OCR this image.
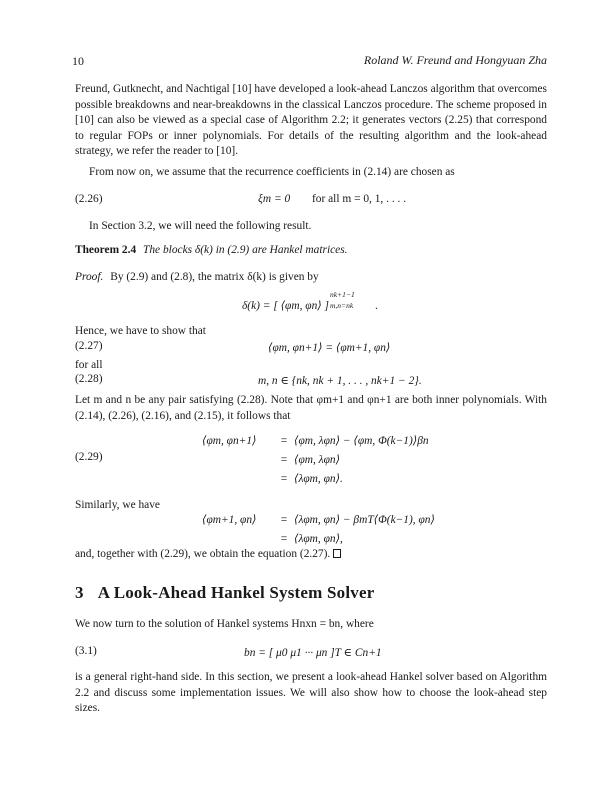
10	Roland W. Freund and Hongyuan Zha
Freund, Gutknecht, and Nachtigal [10] have developed a look-ahead Lanczos algorithm that overcomes possible breakdowns and near-breakdowns in the classical Lanczos procedure. The scheme proposed in [10] can also be viewed as a special case of Algorithm 2.2; it generates vectors (2.25) that correspond to regular FOPs or inner polynomials. For details of the resulting algorithm and the look-ahead strategy, we refer the reader to [10].
From now on, we assume that the recurrence coefficients in (2.14) are chosen as
(2.26)	ξm = 0 for all m = 0, 1, . . . .
In Section 3.2, we will need the following result.
Theorem 2.4 The blocks δ(k) in (2.9) are Hankel matrices.
Proof. By (2.9) and (2.8), the matrix δ(k) is given by
δ(k) = [ ⟨φm, φn⟩ ]
nk+1−1
m,n=nk .
Hence, we have to show that
(2.27)	⟨φm, φn+1⟩ = ⟨φm+1, φn⟩
for all
(2.28)	m, n ∈ {nk, nk + 1, . . . , nk+1 − 2}.
Let m and n be any pair satisfying (2.28). Note that φm+1 and φn+1 are both inner polynomials. With (2.14), (2.26), (2.16), and (2.15), it follows that
(2.29)
⟨φm, φn+1⟩ = ⟨φm, λφn⟩ − ⟨φm, Φ(k−1)⟩βn
= ⟨φm, λφn⟩
= ⟨λφm, φn⟩.
Similarly, we have
⟨φm+1, φn⟩ = ⟨λφm, φn⟩ − βmT⟨Φ(k−1), φn⟩
= ⟨λφm, φn⟩,
and, together with (2.29), we obtain the equation (2.27).
3 A Look-Ahead Hankel System Solver
We now turn to the solution of Hankel systems Hnxn = bn, where
(3.1)	bn = [ μ0 μ1 ··· μn ]T ∈ Cn+1
is a general right-hand side. In this section, we present a look-ahead Hankel solver based on Algorithm 2.2 and discuss some implementation issues. We will also show how to choose the look-ahead step sizes.
